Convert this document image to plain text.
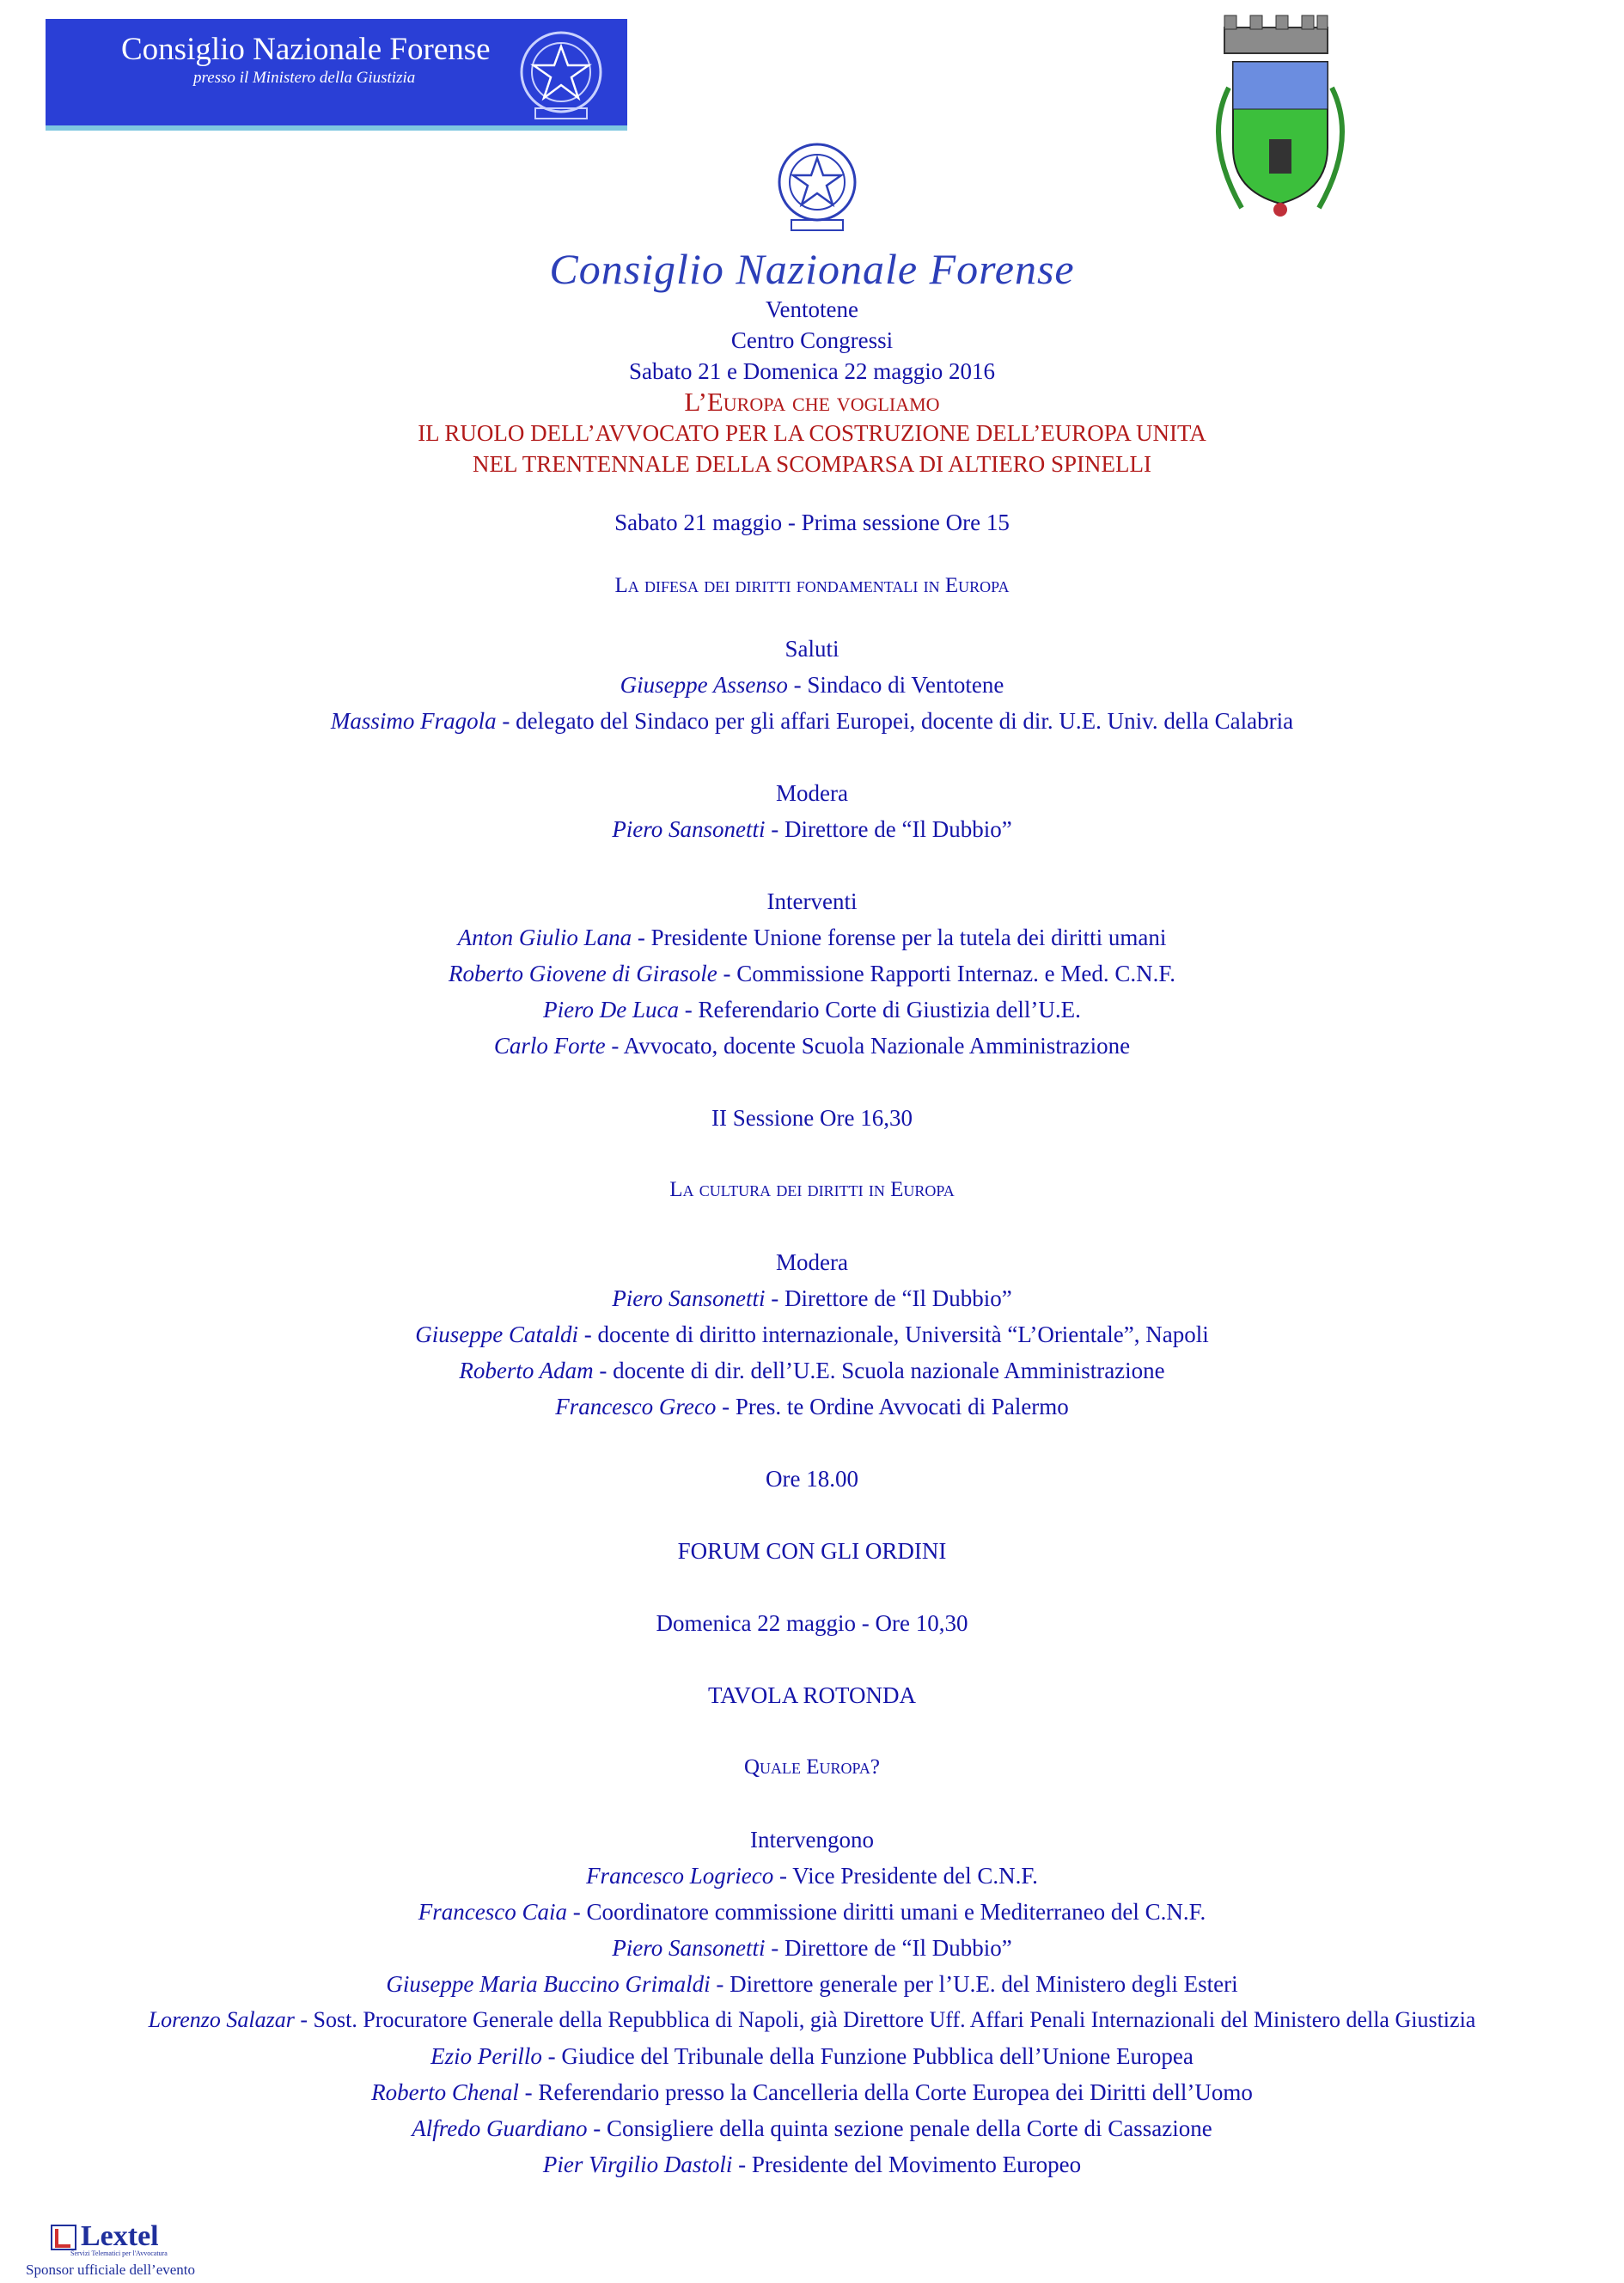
Consiglio Nazionale Forense
presso il Ministero della Giustizia
Consiglio Nazionale Forense
Ventotene
Centro Congressi
Sabato 21 e Domenica 22 maggio 2016
L’Europa che vogliamo
IL RUOLO DELL’AVVOCATO PER LA COSTRUZIONE DELL’EUROPA UNITA
NEL TRENTENNALE DELLA SCOMPARSA DI ALTIERO SPINELLI
Sabato 21 maggio - Prima sessione Ore 15
La difesa dei diritti fondamentali in Europa
Saluti
Giuseppe Assenso - Sindaco di Ventotene
Massimo Fragola - delegato del Sindaco per gli affari Europei, docente di dir. U.E. Univ. della Calabria
Modera
Piero Sansonetti - Direttore de “Il Dubbio”
Interventi
Anton Giulio Lana - Presidente Unione forense per la tutela dei diritti umani
Roberto Giovene di Girasole - Commissione Rapporti Internaz. e Med. C.N.F.
Piero De Luca - Referendario Corte di Giustizia dell’U.E.
Carlo Forte - Avvocato, docente Scuola Nazionale Amministrazione
II Sessione Ore 16,30
La cultura dei diritti in Europa
Modera
Piero Sansonetti - Direttore de “Il Dubbio”
Giuseppe Cataldi - docente di diritto internazionale, Università “L’Orientale”, Napoli
Roberto Adam - docente di dir. dell’U.E. Scuola nazionale Amministrazione
Francesco Greco - Pres. te Ordine Avvocati di Palermo
Ore 18.00
FORUM CON GLI ORDINI
Domenica 22 maggio - Ore 10,30
TAVOLA ROTONDA
Quale Europa?
Intervengono
Francesco Logrieco - Vice Presidente del C.N.F.
Francesco Caia - Coordinatore commissione diritti umani e Mediterraneo del C.N.F.
Piero Sansonetti - Direttore de “Il Dubbio”
Giuseppe Maria Buccino Grimaldi - Direttore generale per l’U.E. del Ministero degli Esteri
Lorenzo Salazar - Sost. Procuratore Generale della Repubblica di Napoli, già Direttore Uff. Affari Penali Internazionali del Ministero della Giustizia
Ezio Perillo - Giudice del Tribunale della Funzione Pubblica dell’Unione Europea
Roberto Chenal - Referendario presso la Cancelleria della Corte Europea dei Diritti dell’Uomo
Alfredo Guardiano - Consigliere della quinta sezione penale della Corte di Cassazione
Pier Virgilio Dastoli - Presidente del Movimento Europeo
Lextel
Servizi Telematici per l'Avvocatura
Sponsor ufficiale dell’evento
